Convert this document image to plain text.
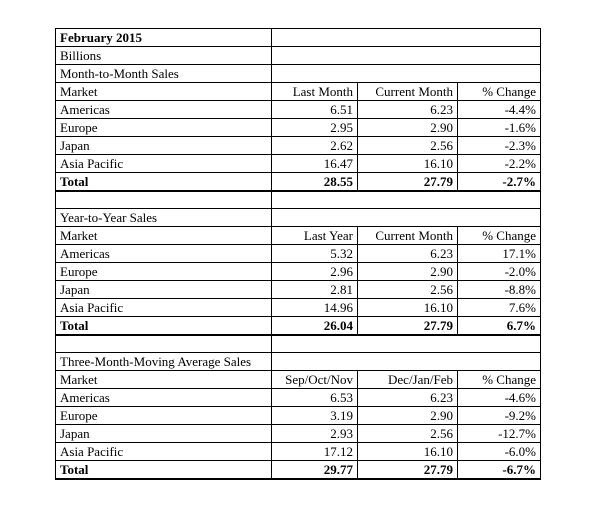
February 2015			
Billions			
Month-to-Month Sales			
Market	Last Month	Current Month	% Change
Americas	6.51	6.23	-4.4%
Europe	2.95	2.90	-1.6%
Japan	2.62	2.56	-2.3%
Asia Pacific	16.47	16.10	-2.2%
Total	28.55	27.79	-2.7%

Year-to-Year Sales			
Market	Last Year	Current Month	% Change
Americas	5.32	6.23	17.1%
Europe	2.96	2.90	-2.0%
Japan	2.81	2.56	-8.8%
Asia Pacific	14.96	16.10	7.6%
Total	26.04	27.79	6.7%

Three-Month-Moving Average Sales			
Market	Sep/Oct/Nov	Dec/Jan/Feb	% Change
Americas	6.53	6.23	-4.6%
Europe	3.19	2.90	-9.2%
Japan	2.93	2.56	-12.7%
Asia Pacific	17.12	16.10	-6.0%
Total	29.77	27.79	-6.7%
